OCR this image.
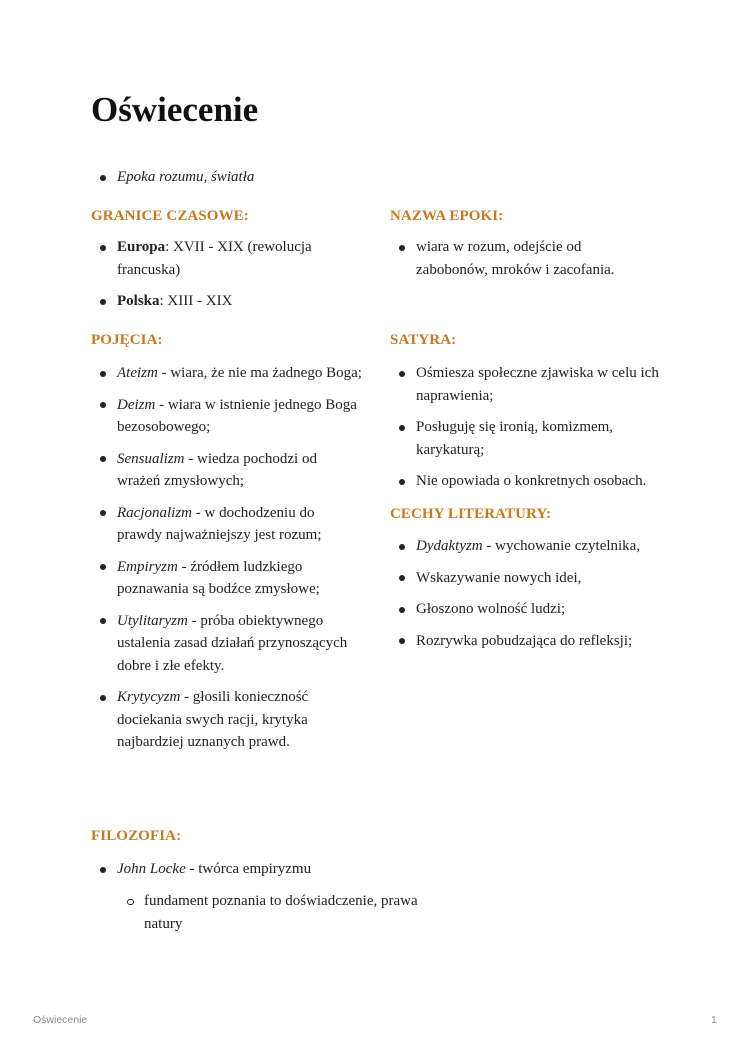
Oświecenie
Epoka rozumu, światła
GRANICE CZASOWE:
Europa: XVII - XIX (rewolucja francuska)
Polska: XIII - XIX
POJĘCIA:
Ateizm - wiara, że nie ma żadnego Boga;
Deizm - wiara w istnienie jednego Boga bezosobowego;
Sensualizm - wiedza pochodzi od wrażeń zmysłowych;
Racjonalizm - w dochodzeniu do prawdy najważniejszy jest rozum;
Empiryzm - źródłem ludzkiego poznawania są bodźce zmysłowe;
Utylitaryzm - próba obiektywnego ustalenia zasad działań przynoszących dobre i złe efekty.
Krytycyzm - głosili konieczność dociekania swych racji, krytyka najbardziej uznanych prawd.
NAZWA EPOKI:
wiara w rozum, odejście od zabobonów, mroków i zacofania.
SATYRA:
Ośmiesza społeczne zjawiska w celu ich naprawienia;
Posługuję się ironią, komizmem, karykaturą;
Nie opowiada o konkretnych osobach.
CECHY LITERATURY:
Dydaktyzm - wychowanie czytelnika,
Wskazywanie nowych idei,
Głoszono wolność ludzi;
Rozrywka pobudzająca do refleksji;
FILOZOFIA:
John Locke - twórca empiryzmu
fundament poznania to doświadczenie, prawa natury
Oświecenie	1
